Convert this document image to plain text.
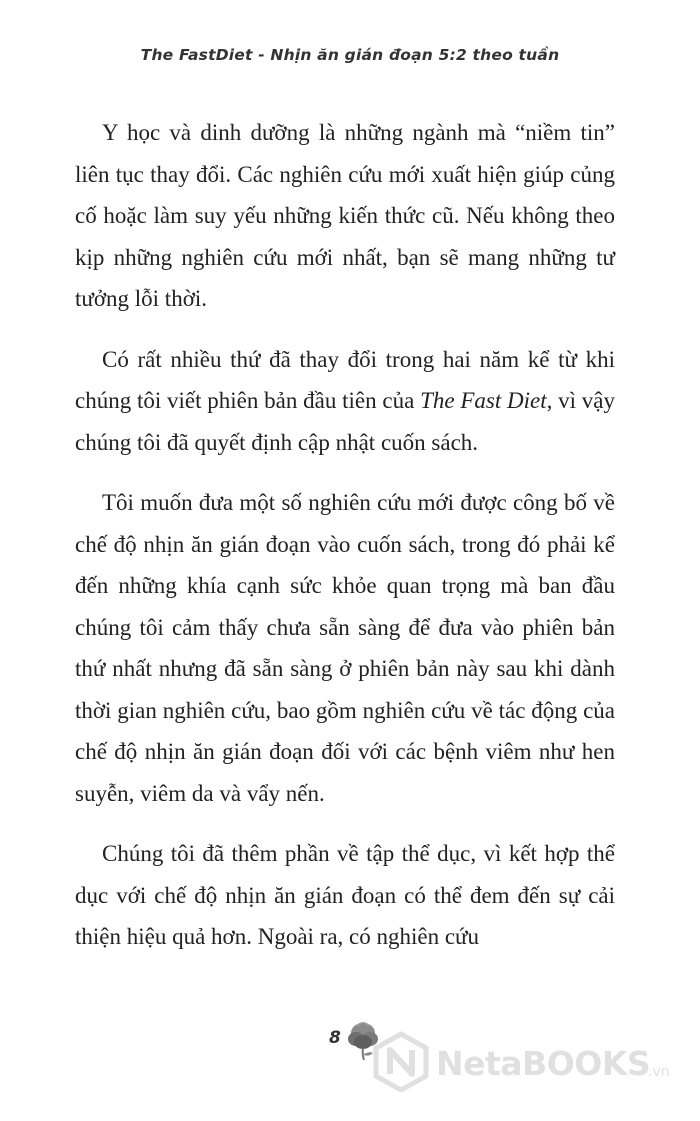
The FastDiet - Nhịn ăn gián đoạn 5:2 theo tuần

Y học và dinh dưỡng là những ngành mà “niềm tin” liên tục thay đổi. Các nghiên cứu mới xuất hiện giúp củng cố hoặc làm suy yếu những kiến thức cũ. Nếu không theo kịp những nghiên cứu mới nhất, bạn sẽ mang những tư tưởng lỗi thời.

Có rất nhiều thứ đã thay đổi trong hai năm kể từ khi chúng tôi viết phiên bản đầu tiên của The Fast Diet, vì vậy chúng tôi đã quyết định cập nhật cuốn sách.

Tôi muốn đưa một số nghiên cứu mới được công bố về chế độ nhịn ăn gián đoạn vào cuốn sách, trong đó phải kể đến những khía cạnh sức khỏe quan trọng mà ban đầu chúng tôi cảm thấy chưa sẵn sàng để đưa vào phiên bản thứ nhất nhưng đã sẵn sàng ở phiên bản này sau khi dành thời gian nghiên cứu, bao gồm nghiên cứu về tác động của chế độ nhịn ăn gián đoạn đối với các bệnh viêm như hen suyễn, viêm da và vẩy nến.

Chúng tôi đã thêm phần về tập thể dục, vì kết hợp thể dục với chế độ nhịn ăn gián đoạn có thể đem đến sự cải thiện hiệu quả hơn. Ngoài ra, có nghiên cứu

8
NetaBOOKS
.vn
